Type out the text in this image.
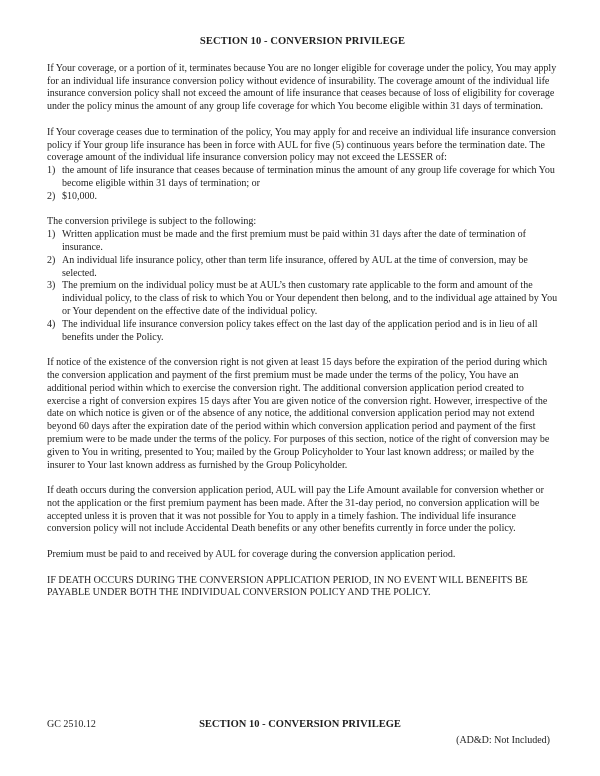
SECTION 10 - CONVERSION PRIVILEGE

If Your coverage, or a portion of it, terminates because You are no longer eligible for coverage under the policy, You may apply for an individual life insurance conversion policy without evidence of insurability. The coverage amount of the individual life insurance conversion policy shall not exceed the amount of life insurance that ceases because of loss of eligibility for coverage under the policy minus the amount of any group life coverage for which You become eligible within 31 days of termination.

If Your coverage ceases due to termination of the policy, You may apply for and receive an individual life insurance conversion policy if Your group life insurance has been in force with AUL for five (5) continuous years before the termination date. The coverage amount of the individual life insurance conversion policy may not exceed the LESSER of:

1) the amount of life insurance that ceases because of termination minus the amount of any group life coverage for which You become eligible within 31 days of termination; or
2) $10,000.

The conversion privilege is subject to the following:

1) Written application must be made and the first premium must be paid within 31 days after the date of termination of insurance.
2) An individual life insurance policy, other than term life insurance, offered by AUL at the time of conversion, may be selected.
3) The premium on the individual policy must be at AUL’s then customary rate applicable to the form and amount of the individual policy, to the class of risk to which You or Your dependent then belong, and to the individual age attained by You or Your dependent on the effective date of the individual policy.
4) The individual life insurance conversion policy takes effect on the last day of the application period and is in lieu of all benefits under the Policy.

If notice of the existence of the conversion right is not given at least 15 days before the expiration of the period during which the conversion application and payment of the first premium must be made under the terms of the policy, You have an additional period within which to exercise the conversion right. The additional conversion application period created to exercise a right of conversion expires 15 days after You are given notice of the conversion right. However, irrespective of the date on which notice is given or of the absence of any notice, the additional conversion application period may not extend beyond 60 days after the expiration date of the period within which conversion application period and payment of the first premium were to be made under the terms of the policy. For purposes of this section, notice of the right of conversion may be given to You in writing, presented to You; mailed by the Group Policyholder to Your last known address; or mailed by the insurer to Your last known address as furnished by the Group Policyholder.

If death occurs during the conversion application period, AUL will pay the Life Amount available for conversion whether or not the application or the first premium payment has been made. After the 31-day period, no conversion application will be accepted unless it is proven that it was not possible for You to apply in a timely fashion. The individual life insurance conversion policy will not include Accidental Death benefits or any other benefits currently in force under the policy.

Premium must be paid to and received by AUL for coverage during the conversion application period.

IF DEATH OCCURS DURING THE CONVERSION APPLICATION PERIOD, IN NO EVENT WILL BENEFITS BE PAYABLE UNDER BOTH THE INDIVIDUAL CONVERSION POLICY AND THE POLICY.

GC 2510.12	SECTION 10 - CONVERSION PRIVILEGE
(AD&D: Not Included)
